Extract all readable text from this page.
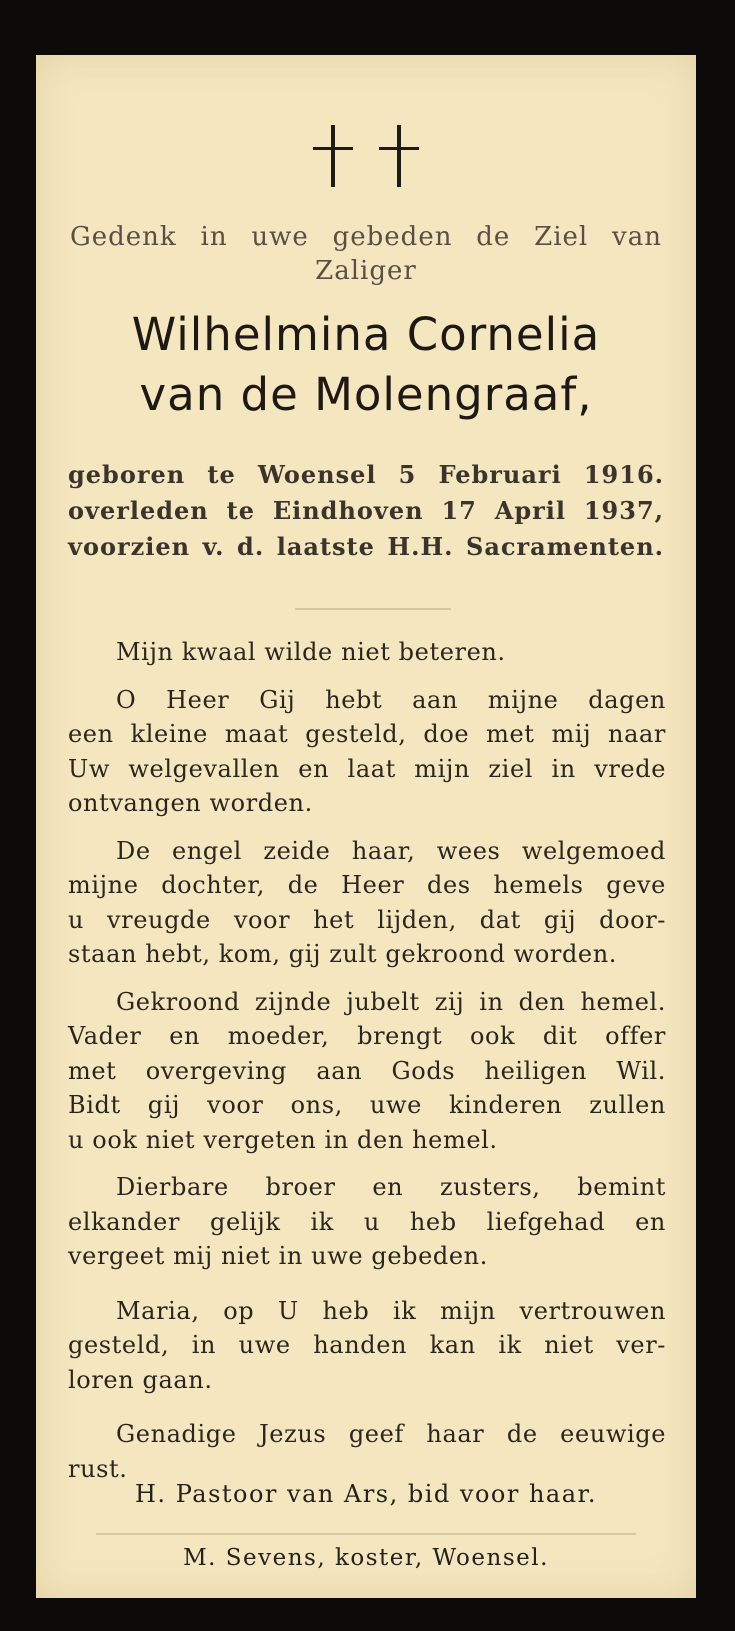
Gedenk in uwe gebeden de Ziel van
Zaliger
Wilhelmina Cornelia
van de Molengraaf,
geboren te Woensel 5 Februari 1916.
overleden te Eindhoven 17 April 1937,
voorzien v. d. laatste H.H. Sacramenten.
Mijn kwaal wilde niet beteren.
O Heer Gij hebt aan mijne dagen
een kleine maat gesteld, doe met mij naar
Uw welgevallen en laat mijn ziel in vrede
ontvangen worden.
De engel zeide haar, wees welgemoed
mijne dochter, de Heer des hemels geve
u vreugde voor het lijden, dat gij door-
staan hebt, kom, gij zult gekroond worden.
Gekroond zijnde jubelt zij in den hemel.
Vader en moeder, brengt ook dit offer
met overgeving aan Gods heiligen Wil.
Bidt gij voor ons, uwe kinderen zullen
u ook niet vergeten in den hemel.
Dierbare broer en zusters, bemint
elkander gelijk ik u heb liefgehad en
vergeet mij niet in uwe gebeden.
Maria, op U heb ik mijn vertrouwen
gesteld, in uwe handen kan ik niet ver-
loren gaan.
Genadige Jezus geef haar de eeuwige
rust.
H. Pastoor van Ars, bid voor haar.
M. Sevens, koster, Woensel.
